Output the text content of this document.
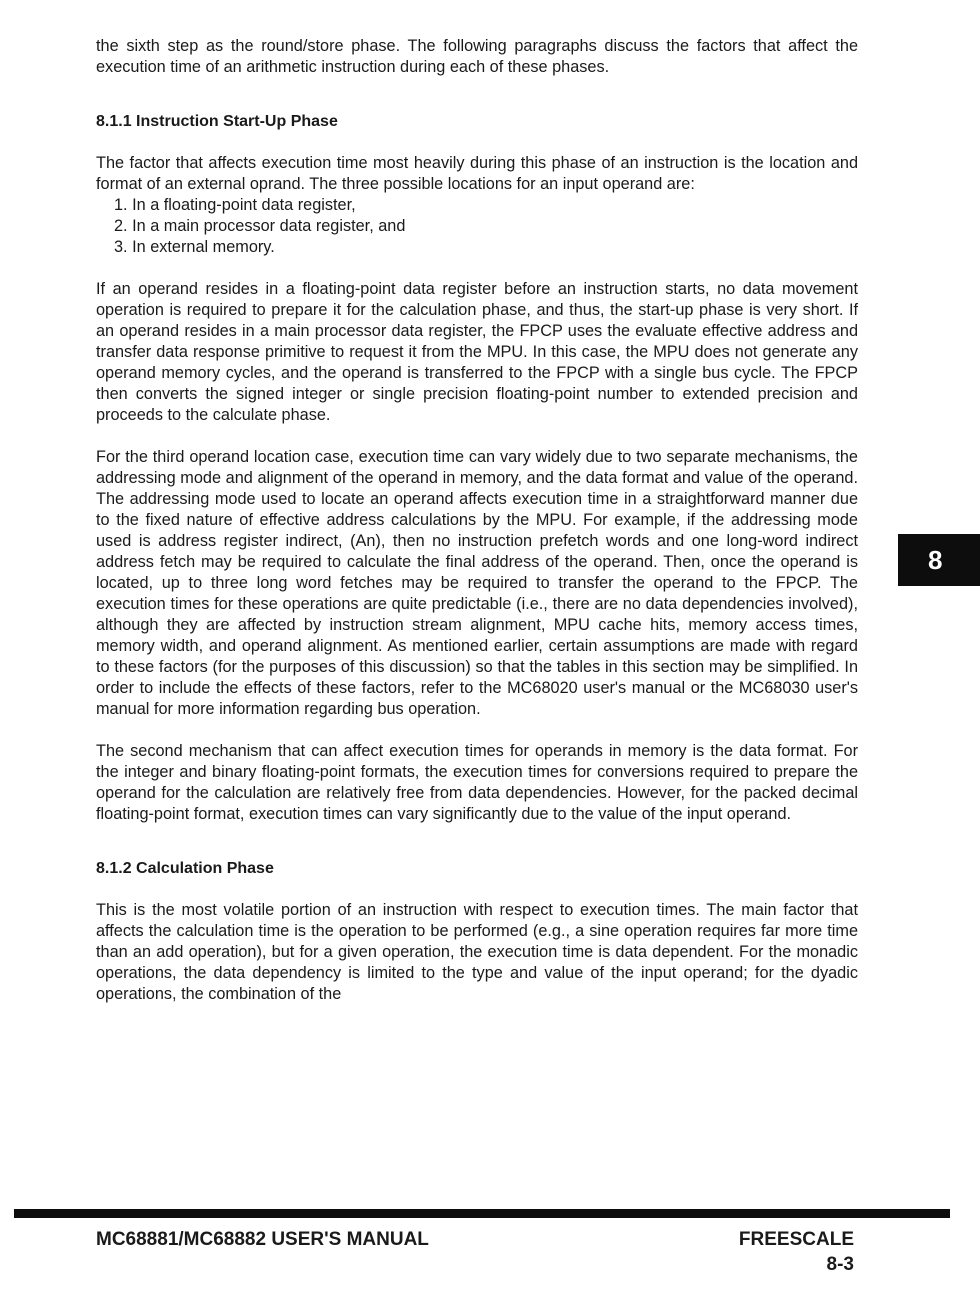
the sixth step as the round/store phase. The following paragraphs discuss the factors that affect the execution time of an arithmetic instruction during each of these phases.

8.1.1 Instruction Start-Up Phase

The factor that affects execution time most heavily during this phase of an instruction is the location and format of an external oprand. The three possible locations for an input operand are:

1. In a floating-point data register,
2. In a main processor data register, and
3. In external memory.

If an operand resides in a floating-point data register before an instruction starts, no data movement operation is required to prepare it for the calculation phase, and thus, the start-up phase is very short. If an operand resides in a main processor data register, the FPCP uses the evaluate effective address and transfer data response primitive to request it from the MPU. In this case, the MPU does not generate any operand memory cycles, and the operand is transferred to the FPCP with a single bus cycle. The FPCP then converts the signed integer or single precision floating-point number to extended precision and proceeds to the calculate phase.

For the third operand location case, execution time can vary widely due to two separate mechanisms, the addressing mode and alignment of the operand in memory, and the data format and value of the operand. The addressing mode used to locate an operand affects execution time in a straightforward manner due to the fixed nature of effective address calculations by the MPU. For example, if the addressing mode used is address register indirect, (An), then no instruction prefetch words and one long-word indirect address fetch may be required to calculate the final address of the operand. Then, once the operand is located, up to three long word fetches may be required to transfer the operand to the FPCP. The execution times for these operations are quite predictable (i.e., there are no data dependencies involved), although they are affected by instruction stream alignment, MPU cache hits, memory access times, memory width, and operand alignment. As mentioned earlier, certain assumptions are made with regard to these factors (for the purposes of this discussion) so that the tables in this section may be simplified. In order to include the effects of these factors, refer to the MC68020 user's manual or the MC68030 user's manual for more information regarding bus operation.

The second mechanism that can affect execution times for operands in memory is the data format. For the integer and binary floating-point formats, the execution times for conversions required to prepare the operand for the calculation are relatively free from data dependencies. However, for the packed decimal floating-point format, execution times can vary significantly due to the value of the input operand.

8.1.2 Calculation Phase

This is the most volatile portion of an instruction with respect to execution times. The main factor that affects the calculation time is the operation to be performed (e.g., a sine operation requires far more time than an add operation), but for a given operation, the execution time is data dependent. For the monadic operations, the data dependency is limited to the type and value of the input operand; for the dyadic operations, the combination of the

8
MC68881/MC68882 USER'S MANUAL	FREESCALE
8-3
